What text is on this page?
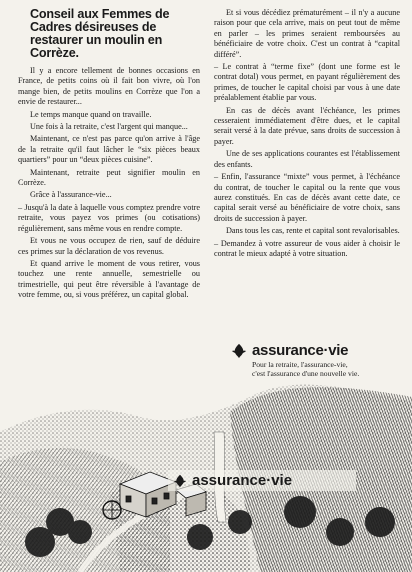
Conseil aux Femmes de Cadres désireuses de restaurer un moulin en Corrèze.

Il y a encore tellement de bonnes occasions en France, de petits coins où il fait bon vivre, où l'on mange bien, de petits moulins en Corrèze que l'on a envie de restaurer...

Le temps manque quand on travaille.

Une fois à la retraite, c'est l'argent qui manque...

Maintenant, ce n'est pas parce qu'on arrive à l'âge de la retraite qu'il faut lâcher le “six pièces beaux quartiers” pour un “deux pièces cuisine”.

Maintenant, retraite peut signifier moulin en Corrèze.

Grâce à l'assurance-vie...

– Jusqu'à la date à laquelle vous comptez prendre votre retraite, vous payez vos primes (ou cotisations) régulièrement, sans même vous en rendre compte.

Et vous ne vous occupez de rien, sauf de déduire ces primes sur la déclaration de vos revenus.

Et quand arrive le moment de vous retirer, vous touchez une rente annuelle, semestrielle ou trimestrielle, qui peut être réversible à l'avantage de votre femme, ou, si vous préférez, un capital global.

Et si vous décédiez prématurément – il n'y a aucune raison pour que cela arrive, mais on peut tout de même en parler – les primes seraient remboursées au bénéficiaire de votre choix. C'est un contrat à “capital différé”.

– Le contrat à “terme fixe” (dont une forme est le contrat dotal) vous permet, en payant régulièrement des primes, de toucher le capital choisi par vous à une date préalablement établie par vous.

En cas de décès avant l'échéance, les primes cesseraient immédiatement d'être dues, et le capital serait versé à la date prévue, sans droits de succession à payer.

Une de ses applications courantes est l'établissement des enfants.

– Enfin, l'assurance “mixte” vous permet, à l'échéance du contrat, de toucher le capital ou la rente que vous aurez constitués. En cas de décès avant cette date, ce capital serait versé au bénéficiaire de votre choix, sans droits de succession à payer.

Dans tous les cas, rente et capital sont revalorisables.

– Demandez à votre assureur de vous aider à choisir le contrat le mieux adapté à votre situation.

assurance·vie
Pour la retraite, l'assurance-vie,
c'est l'assurance d'une nouvelle vie.
assurance·vie
